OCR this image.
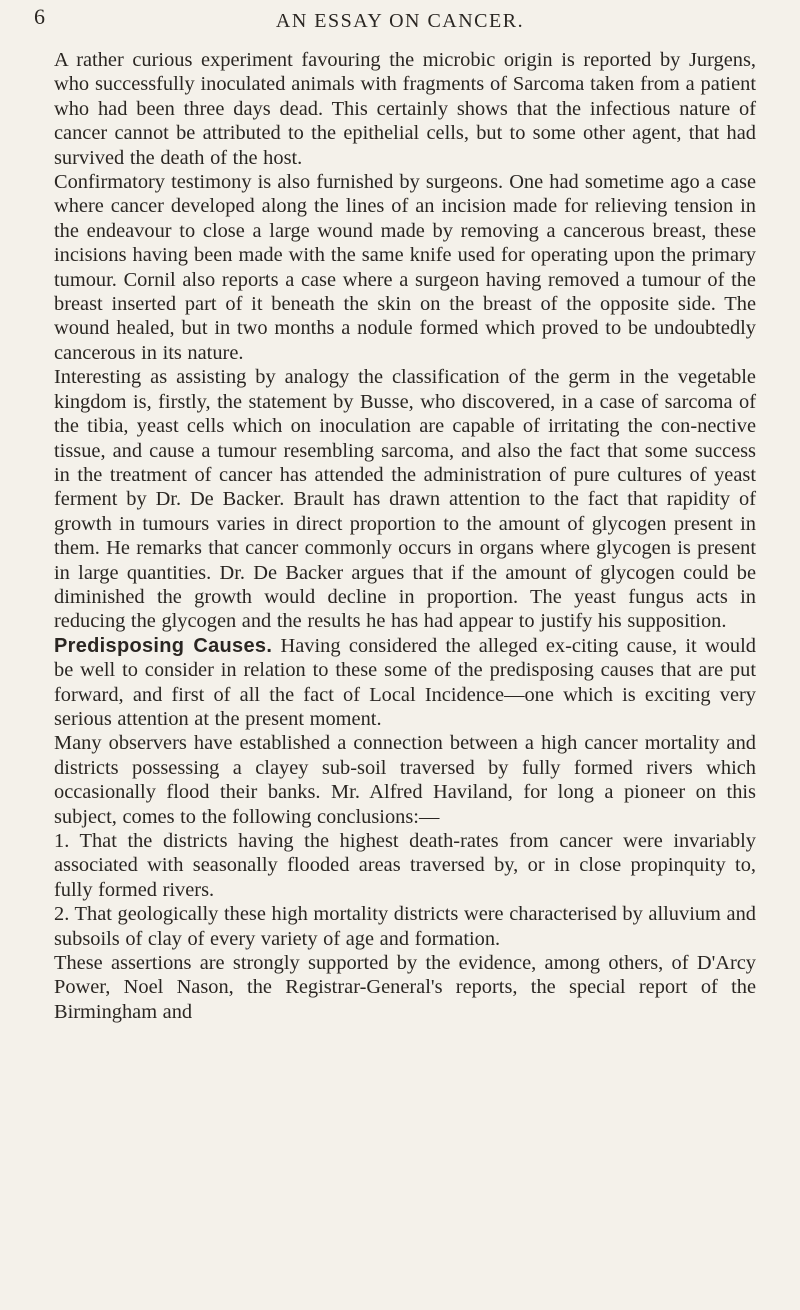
6	AN ESSAY ON CANCER.

A rather curious experiment favouring the microbic origin is reported by Jurgens, who successfully inoculated animals with fragments of Sarcoma taken from a patient who had been three days dead. This certainly shows that the infectious nature of cancer cannot be attributed to the epithelial cells, but to some other agent, that had survived the death of the host.

Confirmatory testimony is also furnished by surgeons. One had sometime ago a case where cancer developed along the lines of an incision made for relieving tension in the endeavour to close a large wound made by removing a cancerous breast, these incisions having been made with the same knife used for operating upon the primary tumour. Cornil also reports a case where a surgeon having removed a tumour of the breast inserted part of it beneath the skin on the breast of the opposite side. The wound healed, but in two months a nodule formed which proved to be undoubtedly cancerous in its nature.

Interesting as assisting by analogy the classification of the germ in the vegetable kingdom is, firstly, the statement by Busse, who discovered, in a case of sarcoma of the tibia, yeast cells which on inoculation are capable of irritating the con-nective tissue, and cause a tumour resembling sarcoma, and also the fact that some success in the treatment of cancer has attended the administration of pure cultures of yeast ferment by Dr. De Backer. Brault has drawn attention to the fact that rapidity of growth in tumours varies in direct proportion to the amount of glycogen present in them. He remarks that cancer commonly occurs in organs where glycogen is present in large quantities. Dr. De Backer argues that if the amount of glycogen could be diminished the growth would decline in proportion. The yeast fungus acts in reducing the glycogen and the results he has had appear to justify his supposition.

Predisposing Causes. Having considered the alleged ex-citing cause, it would be well to consider in relation to these some of the predisposing causes that are put forward, and first of all the fact of Local Incidence—one which is exciting very serious attention at the present moment.

Many observers have established a connection between a high cancer mortality and districts possessing a clayey sub-soil traversed by fully formed rivers which occasionally flood their banks. Mr. Alfred Haviland, for long a pioneer on this subject, comes to the following conclusions:—

1. That the districts having the highest death-rates from cancer were invariably associated with seasonally flooded areas traversed by, or in close propinquity to, fully formed rivers.

2. That geologically these high mortality districts were characterised by alluvium and subsoils of clay of every variety of age and formation.

These assertions are strongly supported by the evidence, among others, of D'Arcy Power, Noel Nason, the Registrar-General's reports, the special report of the Birmingham and
